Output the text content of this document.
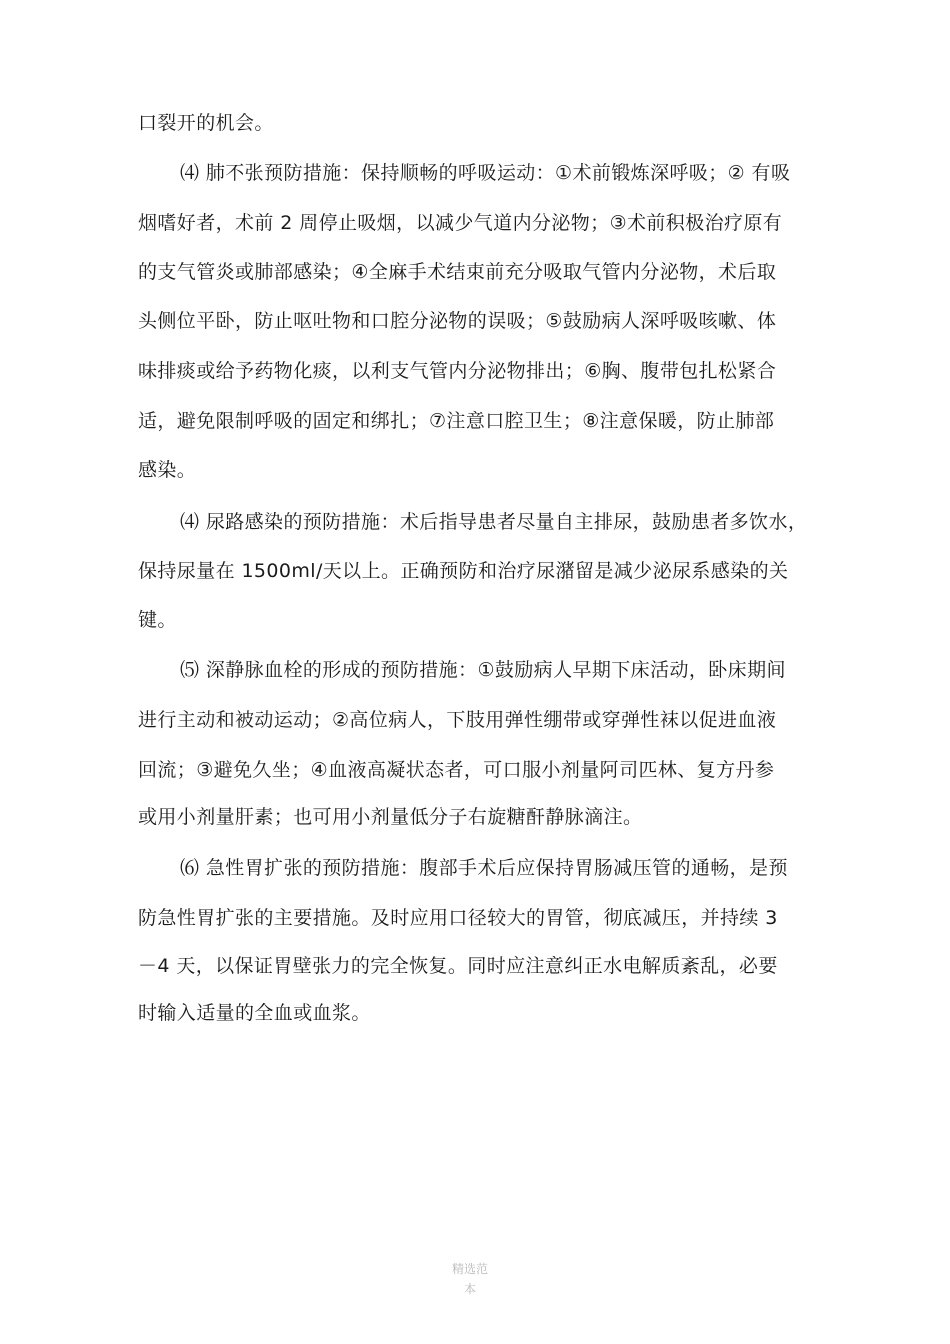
口裂开的机会。
⑷ 肺不张预防措施：保持顺畅的呼吸运动：①术前锻炼深呼吸；② 有吸
烟嗜好者，术前 2 周停止吸烟，以减少气道内分泌物；③术前积极治疗原有
的支气管炎或肺部感染；④全麻手术结束前充分吸取气管内分泌物，术后取
头侧位平卧，防止呕吐物和口腔分泌物的误吸；⑤鼓励病人深呼吸咳嗽、体
味排痰或给予药物化痰，以利支气管内分泌物排出；⑥胸、腹带包扎松紧合
适，避免限制呼吸的固定和绑扎；⑦注意口腔卫生；⑧注意保暖，防止肺部
感染。
⑷ 尿路感染的预防措施：术后指导患者尽量自主排尿，鼓励患者多饮水，
保持尿量在 1500ml/天以上。正确预防和治疗尿潴留是减少泌尿系感染的关
键。
⑸ 深静脉血栓的形成的预防措施：①鼓励病人早期下床活动，卧床期间
进行主动和被动运动；②高位病人，下肢用弹性绷带或穿弹性袜以促进血液
回流；③避免久坐；④血液高凝状态者，可口服小剂量阿司匹林、复方丹参
或用小剂量肝素；也可用小剂量低分子右旋糖酐静脉滴注。
⑹ 急性胃扩张的预防措施：腹部手术后应保持胃肠减压管的通畅，是预
防急性胃扩张的主要措施。及时应用口径较大的胃管，彻底减压，并持续 3
－4 天，以保证胃壁张力的完全恢复。同时应注意纠正水电解质紊乱，必要
时输入适量的全血或血浆。
精选范
本
